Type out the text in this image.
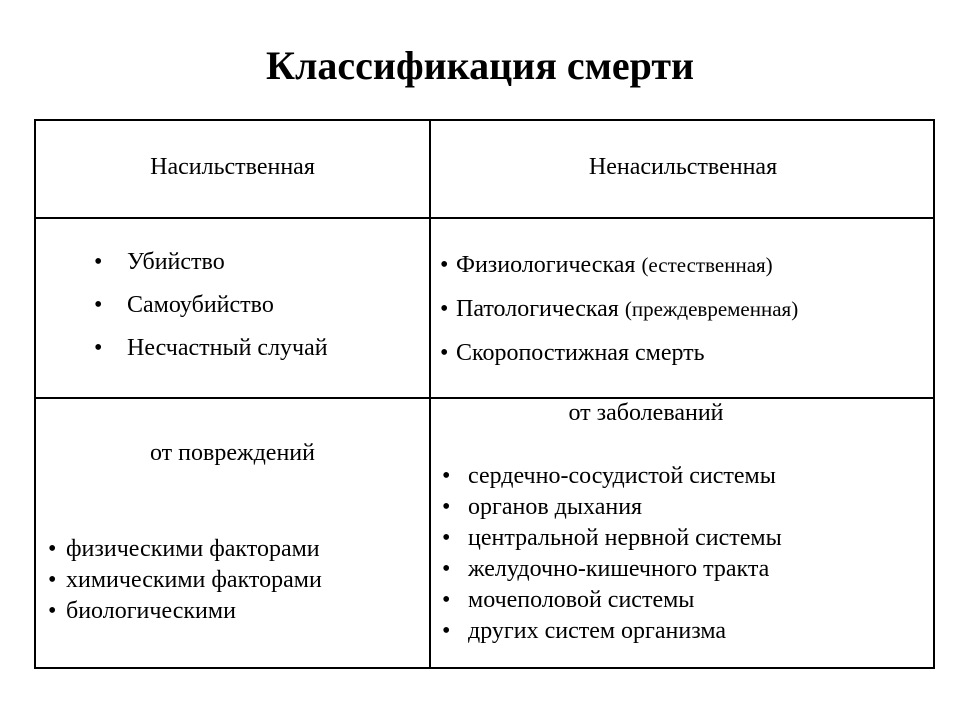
Классификация смерти
Насильственная	Ненасильственная
• Убийство
• Самоубийство
• Несчастный случай
• Физиологическая (естественная)
• Патологическая (преждевременная)
• Скоропостижная смерть
от повреждений
от заболеваний
• физическими факторами
• химическими факторами
• биологическими
• сердечно-сосудистой системы
• органов дыхания
• центральной нервной системы
• желудочно-кишечного тракта
• мочеполовой системы
• других систем организма
